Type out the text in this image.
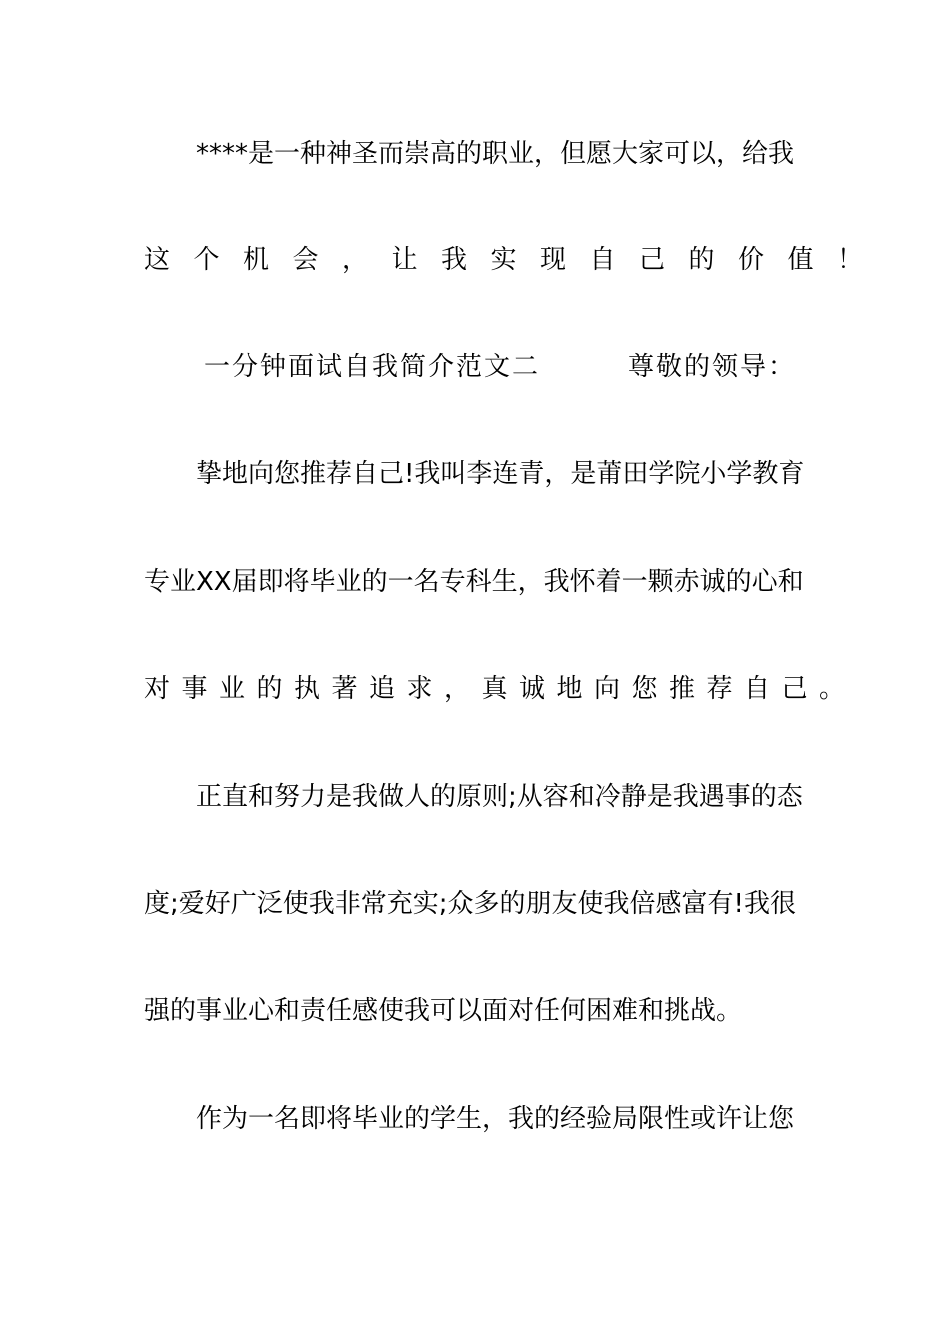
****是一种神圣而崇高的职业，但愿大家可以，给我
这个机会，让我实现自己的价值！
一分钟面试自我简介范文二	尊敬的领导：
挚地向您推荐自己!我叫李连青，是莆田学院小学教育
专业XX届即将毕业的一名专科生，我怀着一颗赤诚的心和
对事业的执著追求，真诚地向您推荐自己。
正直和努力是我做人的原则;从容和冷静是我遇事的态
度;爱好广泛使我非常充实;众多的朋友使我倍感富有!我很
强的事业心和责任感使我可以面对任何困难和挑战。
作为一名即将毕业的学生，我的经验局限性或许让您
